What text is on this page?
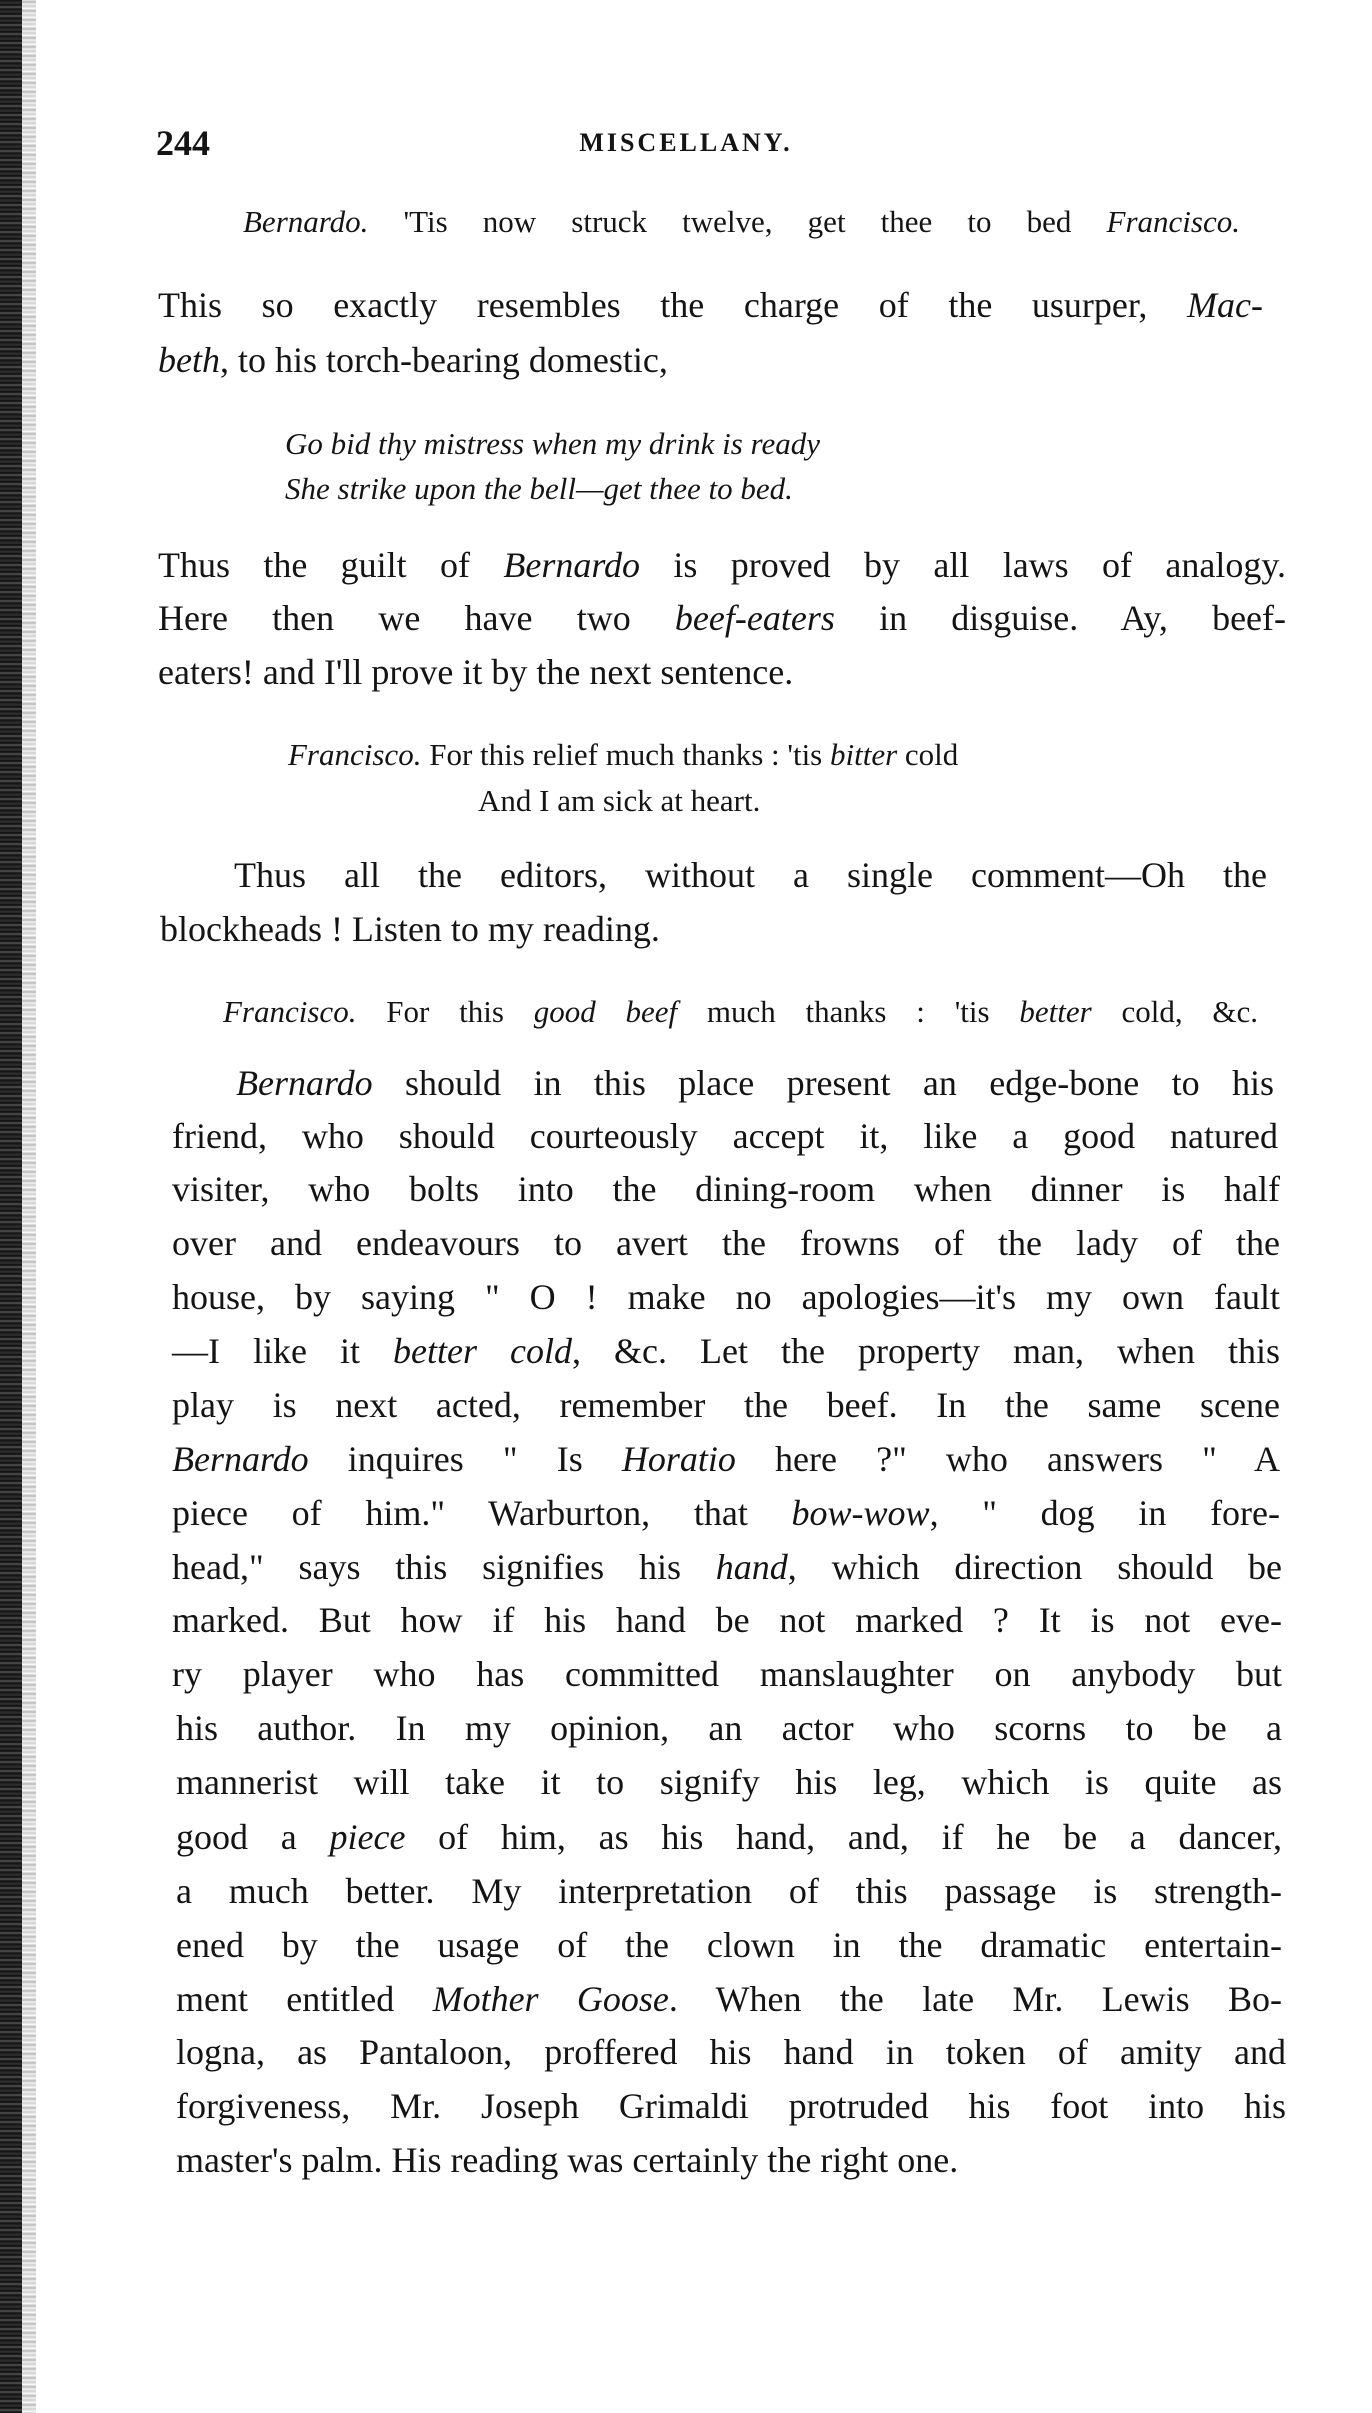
244	MISCELLANY.
Bernardo. 'Tis now struck twelve, get thee to bed Francisco.
This so exactly resembles the charge of the usurper, Mac-
beth, to his torch-bearing domestic,
Go bid thy mistress when my drink is ready
She strike upon the bell—get thee to bed.
Thus the guilt of Bernardo is proved by all laws of analogy.
Here then we have two beef-eaters in disguise. Ay, beef-
eaters! and I'll prove it by the next sentence.
Francisco. For this relief much thanks : 'tis bitter cold
And I am sick at heart.
Thus all the editors, without a single comment—Oh the
blockheads ! Listen to my reading.
Francisco. For this good beef much thanks : 'tis better cold, &c.
Bernardo should in this place present an edge-bone to his
friend, who should courteously accept it, like a good natured
visiter, who bolts into the dining-room when dinner is half
over and endeavours to avert the frowns of the lady of the
house, by saying " O ! make no apologies—it's my own fault
—I like it better cold, &c. Let the property man, when this
play is next acted, remember the beef. In the same scene
Bernardo inquires " Is Horatio here ?" who answers " A
piece of him." Warburton, that bow-wow, " dog in fore-
head," says this signifies his hand, which direction should be
marked. But how if his hand be not marked ? It is not eve-
ry player who has committed manslaughter on anybody but
his author. In my opinion, an actor who scorns to be a
mannerist will take it to signify his leg, which is quite as
good a piece of him, as his hand, and, if he be a dancer,
a much better. My interpretation of this passage is strength-
ened by the usage of the clown in the dramatic entertain-
ment entitled Mother Goose. When the late Mr. Lewis Bo-
logna, as Pantaloon, proffered his hand in token of amity and
forgiveness, Mr. Joseph Grimaldi protruded his foot into his
master's palm. His reading was certainly the right one.
